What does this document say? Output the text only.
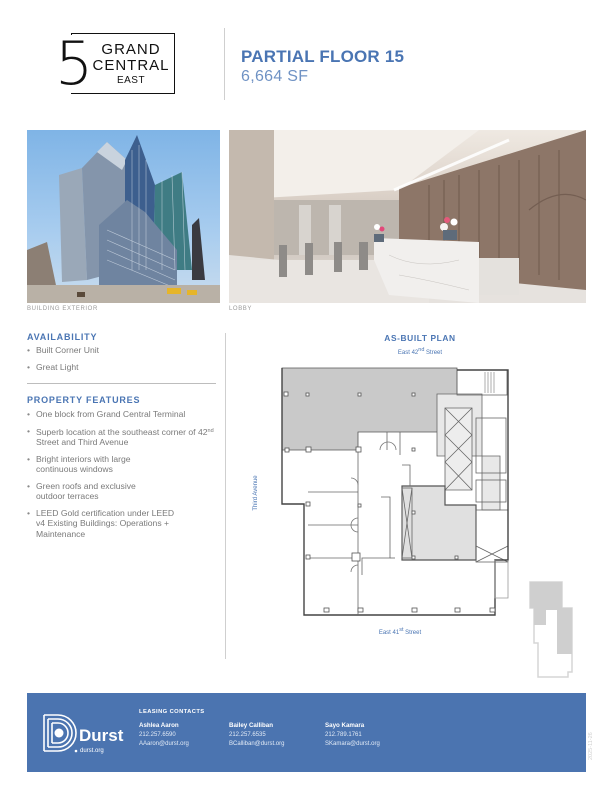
5 GRAND
CENTRAL
EAST
PARTIAL FLOOR 15
6,664 SF
BUILDING EXTERIOR	LOBBY
AVAILABILITY
• Built Corner Unit
• Great Light
PROPERTY FEATURES
• One block from Grand Central Terminal
• Superb location at the southeast corner of 42nd Street and Third Avenue
• Bright interiors with large continuous windows
• Green roofs and exclusive outdoor terraces
• LEED Gold certification under LEED v4 Existing Buildings: Operations + Maintenance
AS-BUILT PLAN
East 42nd Street
Third Avenue
East 41st Street
Durst
durst.org
LEASING CONTACTS
Ashlea Aaron
212.257.6590
AAaron@durst.org
Bailey Calliban
212.257.6535
BCalliban@durst.org
Sayo Kamara
212.789.1761
SKamara@durst.org	2025-11-26
